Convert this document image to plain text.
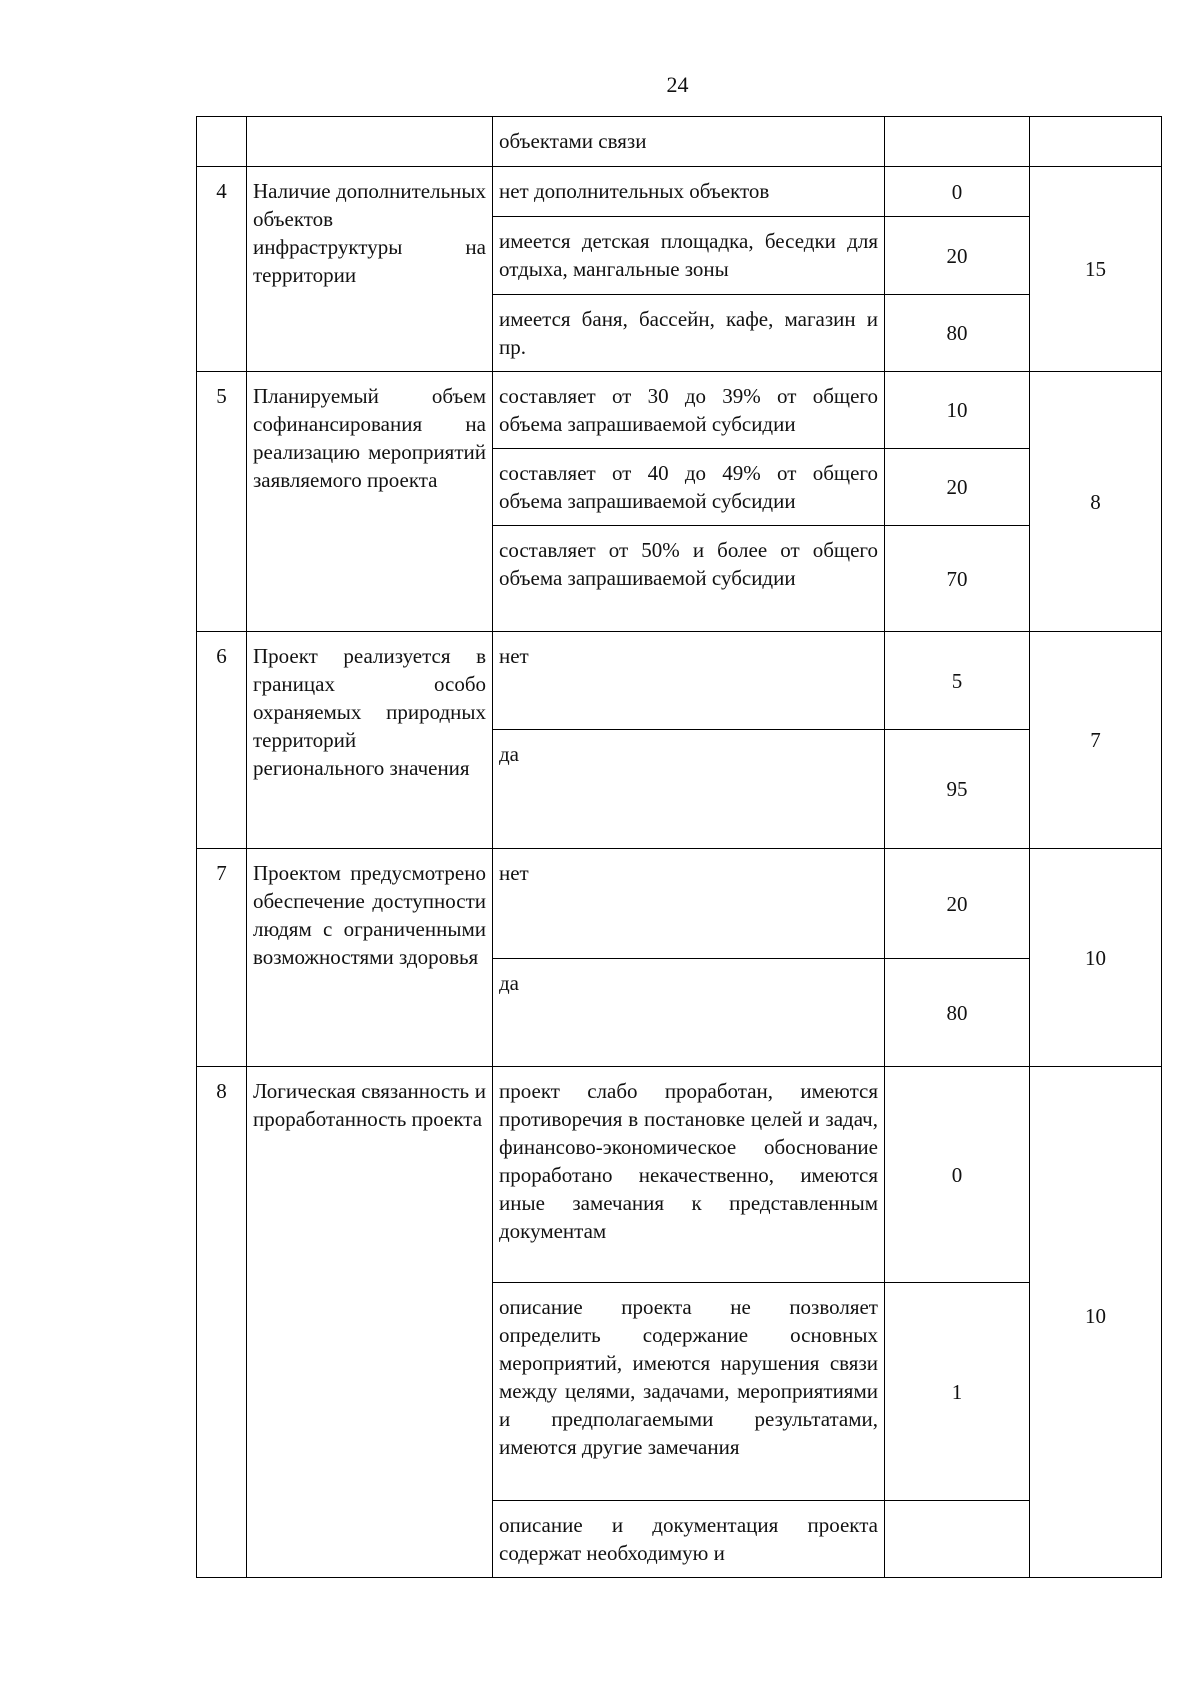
24
		объектами связи		
4	Наличие дополнительных объектов инфраструктуры на территории	нет дополнительных объектов	0	15
		имеется детская площадка, беседки для отдыха, мангальные зоны	20	
		имеется баня, бассейн, кафе, магазин и пр.	80	
5	Планируемый объем софинансирования на реализацию мероприятий заявляемого проекта	составляет от 30 до 39% от общего объема запрашиваемой субсидии	10	8
		составляет от 40 до 49% от общего объема запрашиваемой субсидии	20	
		составляет от 50% и более от общего объема запрашиваемой субсидии	70	
6	Проект реализуется в границах особо охраняемых природных территорий регионального значения	нет	5	7
		да	95	
7	Проектом предусмотрено обеспечение доступности людям с ограниченными возможностями здоровья	нет	20	10
		да	80	
8	Логическая связанность и проработанность проекта	проект слабо проработан, имеются противоречия в постановке целей и задач, финансово-экономическое обоснование проработано некачественно, имеются иные замечания к представленным документам	0	10
		описание проекта не позволяет определить содержание основных мероприятий, имеются нарушения связи между целями, задачами, мероприятиями и предполагаемыми результатами, имеются другие замечания	1	
		описание и документация проекта содержат необходимую и		
